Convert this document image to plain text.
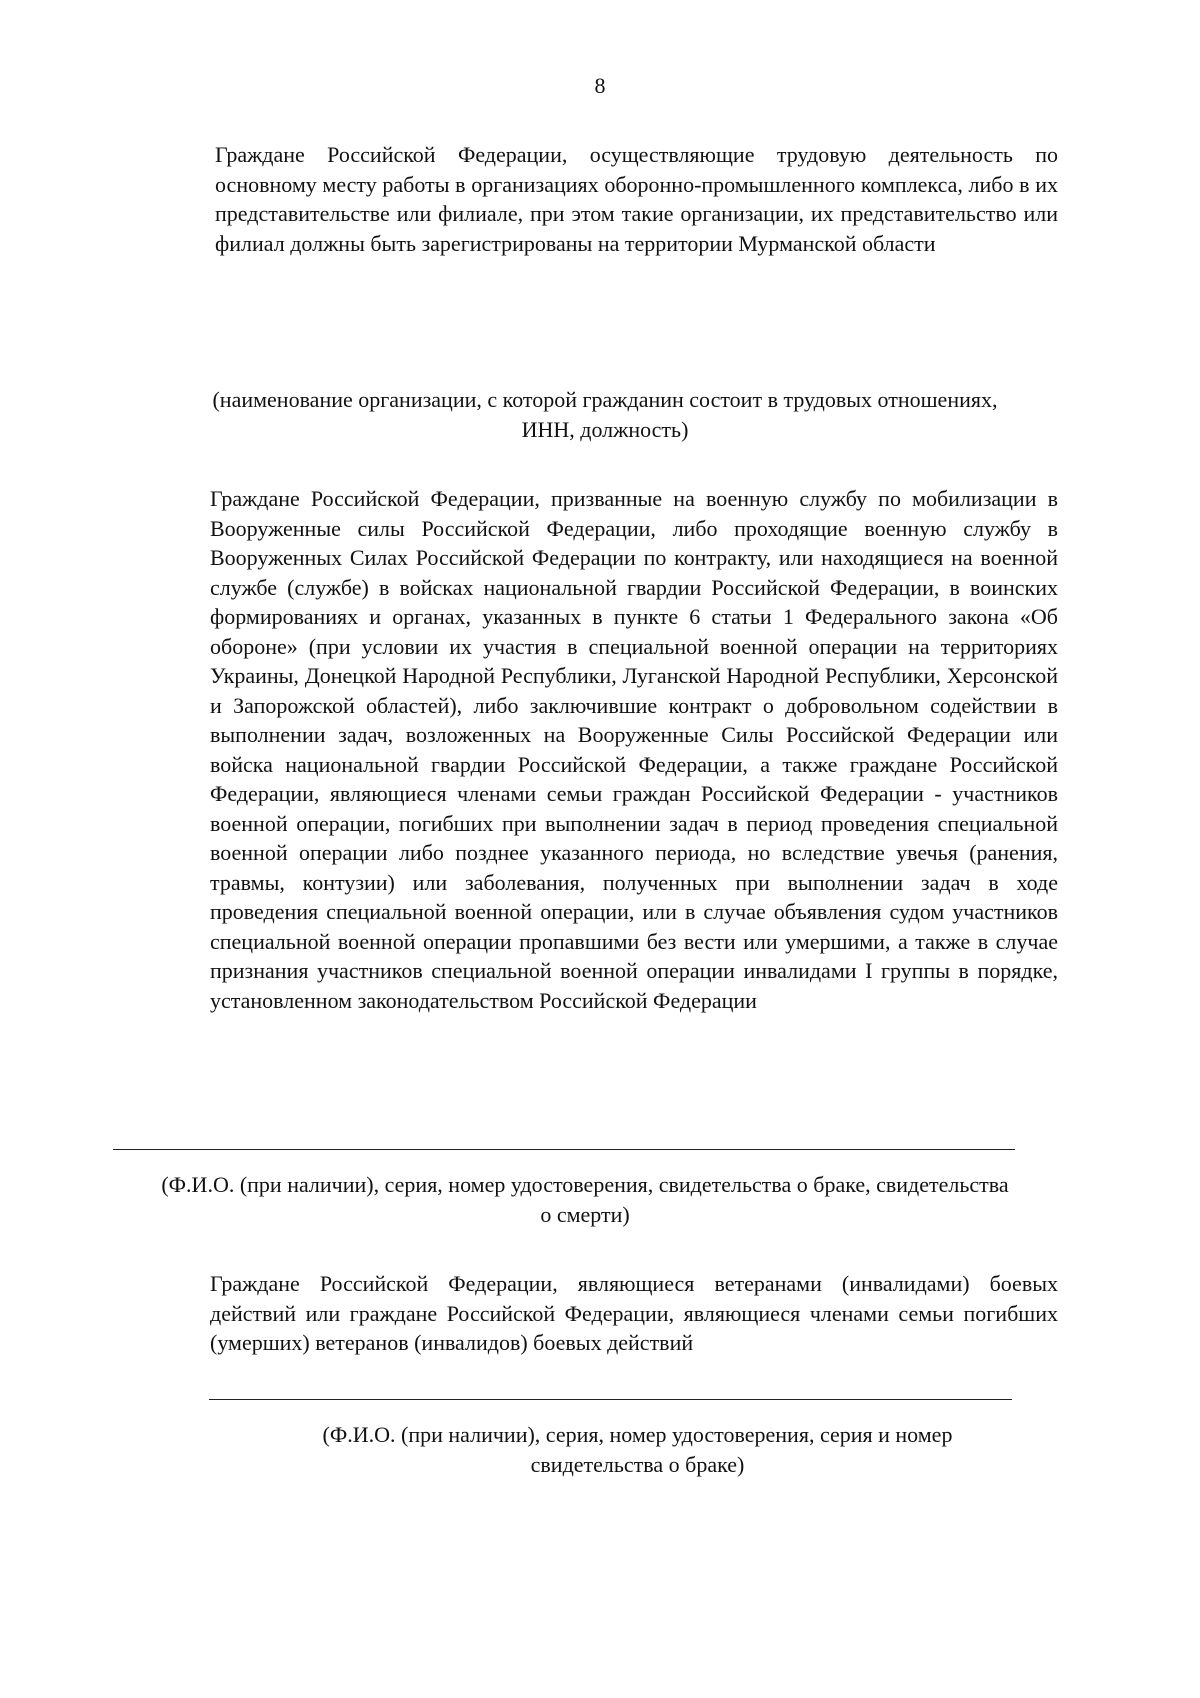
8

Граждане Российской Федерации, осуществляющие трудовую деятельность по основному месту работы в организациях оборонно-промышленного комплекса, либо в их представительстве или филиале, при этом такие организации, их представительство или филиал должны быть зарегистрированы на территории Мурманской области

(наименование организации, с которой гражданин состоит в трудовых отношениях,
ИНН, должность)

Граждане Российской Федерации, призванные на военную службу по мобилизации в Вооруженные силы Российской Федерации, либо проходящие военную службу в Вооруженных Силах Российской Федерации по контракту, или находящиеся на военной службе (службе) в войсках национальной гвардии Российской Федерации, в воинских формированиях и органах, указанных в пункте 6 статьи 1 Федерального закона «Об обороне» (при условии их участия в специальной военной операции на территориях Украины, Донецкой Народной Республики, Луганской Народной Республики, Херсонской и Запорожской областей), либо заключившие контракт о добровольном содействии в выполнении задач, возложенных на Вооруженные Силы Российской Федерации или войска национальной гвардии Российской Федерации, а также граждане Российской Федерации, являющиеся членами семьи граждан Российской Федерации - участников военной операции, погибших при выполнении задач в период проведения специальной военной операции либо позднее указанного периода, но вследствие увечья (ранения, травмы, контузии) или заболевания, полученных при выполнении задач в ходе проведения специальной военной операции, или в случае объявления судом участников специальной военной операции пропавшими без вести или умершими, а также в случае признания участников специальной военной операции инвалидами I группы в порядке, установленном законодательством Российской Федерации

(Ф.И.О. (при наличии), серия, номер удостоверения, свидетельства о браке, свидетельства
о смерти)

Граждане Российской Федерации, являющиеся ветеранами (инвалидами) боевых действий или граждане Российской Федерации, являющиеся членами семьи погибших (умерших) ветеранов (инвалидов) боевых действий

(Ф.И.О. (при наличии), серия, номер удостоверения, серия и номер
свидетельства о браке)
